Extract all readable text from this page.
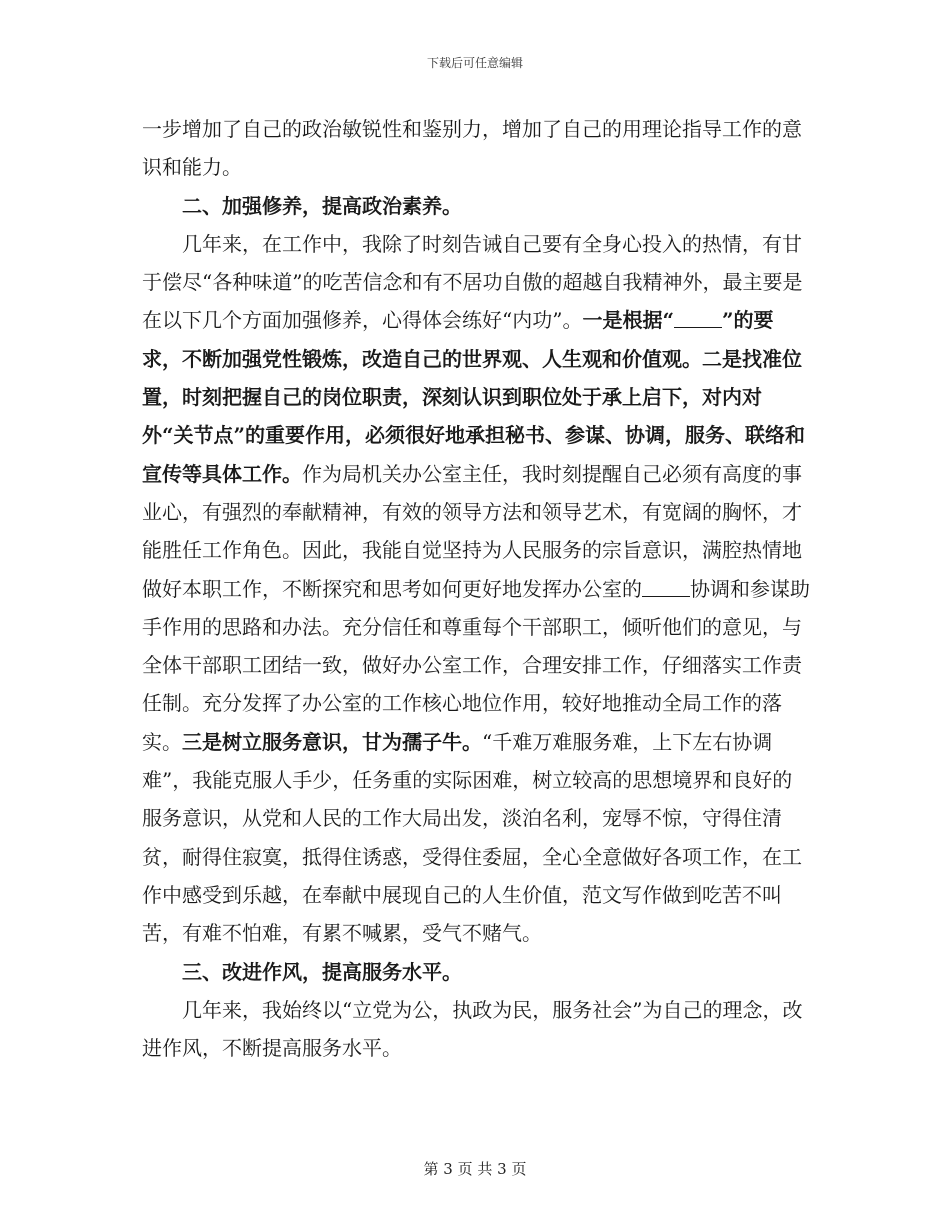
下载后可任意编辑

一步增加了自己的政治敏锐性和鉴别力，增加了自己的用理论指导工作的意识和能力。

二、加强修养，提高政治素养。

几年来，在工作中，我除了时刻告诫自己要有全身心投入的热情，有甘于偿尽“各种味道”的吃苦信念和有不居功自傲的超越自我精神外，最主要是在以下几个方面加强修养，心得体会练好“内功”。一是根据“ ”的要求，不断加强党性锻炼，改造自己的世界观、人生观和价值观。二是找准位置，时刻把握自己的岗位职责，深刻认识到职位处于承上启下，对内对外“关节点”的重要作用，必须很好地承担秘书、参谋、协调，服务、联络和宣传等具体工作。作为局机关办公室主任，我时刻提醒自己必须有高度的事业心，有强烈的奉献精神，有效的领导方法和领导艺术，有宽阔的胸怀，才能胜任工作角色。因此，我能自觉坚持为人民服务的宗旨意识，满腔热情地做好本职工作，不断探究和思考如何更好地发挥办公室的 协调和参谋助手作用的思路和办法。充分信任和尊重每个干部职工，倾听他们的意见，与全体干部职工团结一致，做好办公室工作，合理安排工作，仔细落实工作责任制。充分发挥了办公室的工作核心地位作用，较好地推动全局工作的落实。三是树立服务意识，甘为孺子牛。“千难万难服务难，上下左右协调难”，我能克服人手少，任务重的实际困难，树立较高的思想境界和良好的服务意识，从党和人民的工作大局出发，淡泊名利，宠辱不惊，守得住清贫，耐得住寂寞，抵得住诱惑，受得住委屈，全心全意做好各项工作，在工作中感受到乐越，在奉献中展现自己的人生价值，范文写作做到吃苦不叫苦，有难不怕难，有累不喊累，受气不赌气。

三、改进作风，提高服务水平。

几年来，我始终以“立党为公，执政为民，服务社会”为自己的理念，改进作风，不断提高服务水平。

第 3 页 共 3 页
